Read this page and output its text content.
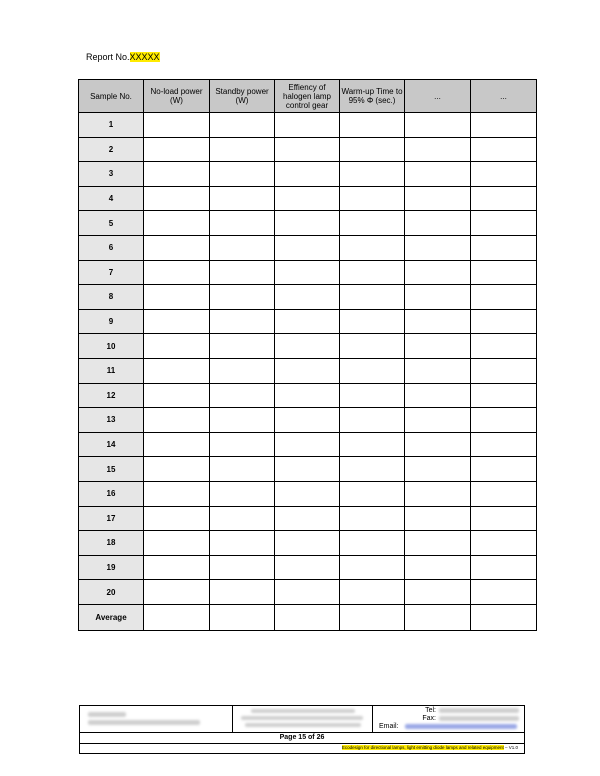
Report No.XXXXX
Sample No.	No-load power (W)	Standby power (W)	Effiency of halogen lamp control gear	Warm-up Time to 95% Φ (sec.)	...	...
1						
2						
3						
4						
5						
6						
7						
8						
9						
10						
11						
12						
13						
14						
15						
16						
17						
18						
19						
20						
Average						
Tel:
Fax:
Email:
Page 15 of 26
Ecodesign for directional lamps, light emitting diode lamps and related equipment – V1.0
